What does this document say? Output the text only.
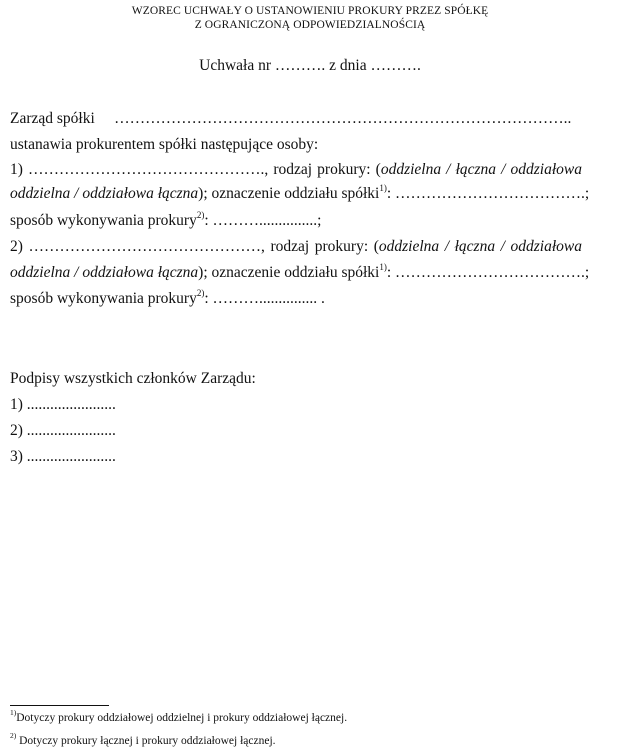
WZOREC UCHWAŁY O USTANOWIENIU PROKURY PRZEZ SPÓŁKĘ
Z OGRANICZONĄ ODPOWIEDZIALNOŚCIĄ
Uchwała nr ………. z dnia ……….
Zarząd spółki ……………………………………………………………………………..
ustanawia prokurentem spółki następujące osoby:
1) ………………………………………., rodzaj prokury: (oddzielna / łączna / oddziałowa
oddzielna / oddziałowa łączna); oznaczenie oddziału spółki$^{1)}$: ……………………………….;
sposób wykonywania prokury$^{2)}$: ………...............;
2) ………………………………………, rodzaj prokury: (oddzielna / łączna / oddziałowa
oddzielna / oddziałowa łączna); oznaczenie oddziału spółki$^{1)}$: ……………………………….;
sposób wykonywania prokury$^{2)}$: ………............... .
Podpisy wszystkich członków Zarządu:
1) .......................
2) .......................
3) .......................
$^{1)}$Dotyczy prokury oddziałowej oddzielnej i prokury oddziałowej łącznej.
$^{2)}$ Dotyczy prokury łącznej i prokury oddziałowej łącznej.
